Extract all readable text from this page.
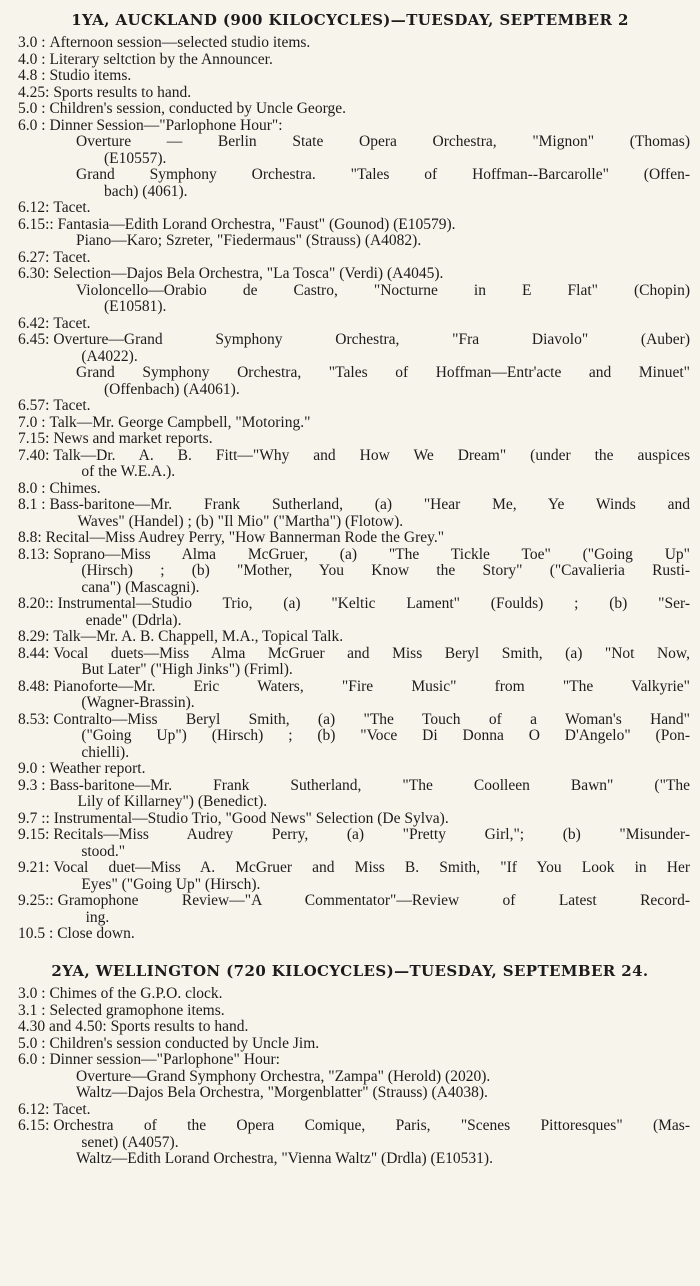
1YA, AUCKLAND (900 KILOCYCLES)—TUESDAY, SEPTEMBER 2
3.0 : Afternoon session—selected studio items.
4.0 : Literary seltction by the Announcer.
4.8 : Studio items.
4.25: Sports results to hand.
5.0 : Children's session, conducted by Uncle George.
6.0 : Dinner Session—"Parlophone Hour":
Overture — Berlin State Opera Orchestra, "Mignon" (Thomas)
(E10557).
Grand Symphony Orchestra. "Tales of Hoffman--Barcarolle" (Offen-
bach) (4061).
6.12: Tacet.
6.15:: Fantasia—Edith Lorand Orchestra, "Faust" (Gounod) (E10579).
Piano—Karo; Szreter, "Fiedermaus" (Strauss) (A4082).
6.27: Tacet.
6.30: Selection—Dajos Bela Orchestra, "La Tosca" (Verdi) (A4045).
Violoncello—Orabio de Castro, "Nocturne in E Flat" (Chopin)
(E10581).
6.42: Tacet.
6.45: Overture—Grand Symphony Orchestra, "Fra Diavolo" (Auber)
(A4022).
Grand Symphony Orchestra, "Tales of Hoffman—Entr'acte and Minuet"
(Offenbach) (A4061).
6.57: Tacet.
7.0 : Talk—Mr. George Campbell, "Motoring."
7.15: News and market reports.
7.40: Talk—Dr. A. B. Fitt—"Why and How We Dream" (under the auspices
of the W.E.A.).
8.0 : Chimes.
8.1 : Bass-baritone—Mr. Frank Sutherland, (a) "Hear Me, Ye Winds and
Waves" (Handel) ; (b) "Il Mio" ("Martha") (Flotow).
8.8: Recital—Miss Audrey Perry, "How Bannerman Rode the Grey."
8.13: Soprano—Miss Alma McGruer, (a) "The Tickle Toe" ("Going Up"
(Hirsch) ; (b) "Mother, You Know the Story" ("Cavalieria Rusti-
cana") (Mascagni).
8.20:: Instrumental—Studio Trio, (a) "Keltic Lament" (Foulds) ; (b) "Ser-
enade" (Ddrla).
8.29: Talk—Mr. A. B. Chappell, M.A., Topical Talk.
8.44: Vocal duets—Miss Alma McGruer and Miss Beryl Smith, (a) "Not Now,
But Later" ("High Jinks") (Friml).
8.48: Pianoforte—Mr. Eric Waters, "Fire Music" from "The Valkyrie"
(Wagner-Brassin).
8.53: Contralto—Miss Beryl Smith, (a) "The Touch of a Woman's Hand"
("Going Up") (Hirsch) ; (b) "Voce Di Donna O D'Angelo" (Pon-
chielli).
9.0 : Weather report.
9.3 : Bass-baritone—Mr. Frank Sutherland, "The Coolleen Bawn" ("The
Lily of Killarney") (Benedict).
9.7 :: Instrumental—Studio Trio, "Good News" Selection (De Sylva).
9.15: Recitals—Miss Audrey Perry, (a) "Pretty Girl,"; (b) "Misunder-
stood."
9.21: Vocal duet—Miss A. McGruer and Miss B. Smith, "If You Look in Her
Eyes" ("Going Up" (Hirsch).
9.25:: Gramophone Review—"A Commentator"—Review of Latest Record-
ing.
10.5 : Close down.
2YA, WELLINGTON (720 KILOCYCLES)—TUESDAY, SEPTEMBER 24.
3.0 : Chimes of the G.P.O. clock.
3.1 : Selected gramophone items.
4.30 and 4.50: Sports results to hand.
5.0 : Children's session conducted by Uncle Jim.
6.0 : Dinner session—"Parlophone" Hour:
Overture—Grand Symphony Orchestra, "Zampa" (Herold) (2020).
Waltz—Dajos Bela Orchestra, "Morgenblatter" (Strauss) (A4038).
6.12: Tacet.
6.15: Orchestra of the Opera Comique, Paris, "Scenes Pittoresques" (Mas-
senet) (A4057).
Waltz—Edith Lorand Orchestra, "Vienna Waltz" (Drdla) (E10531).
